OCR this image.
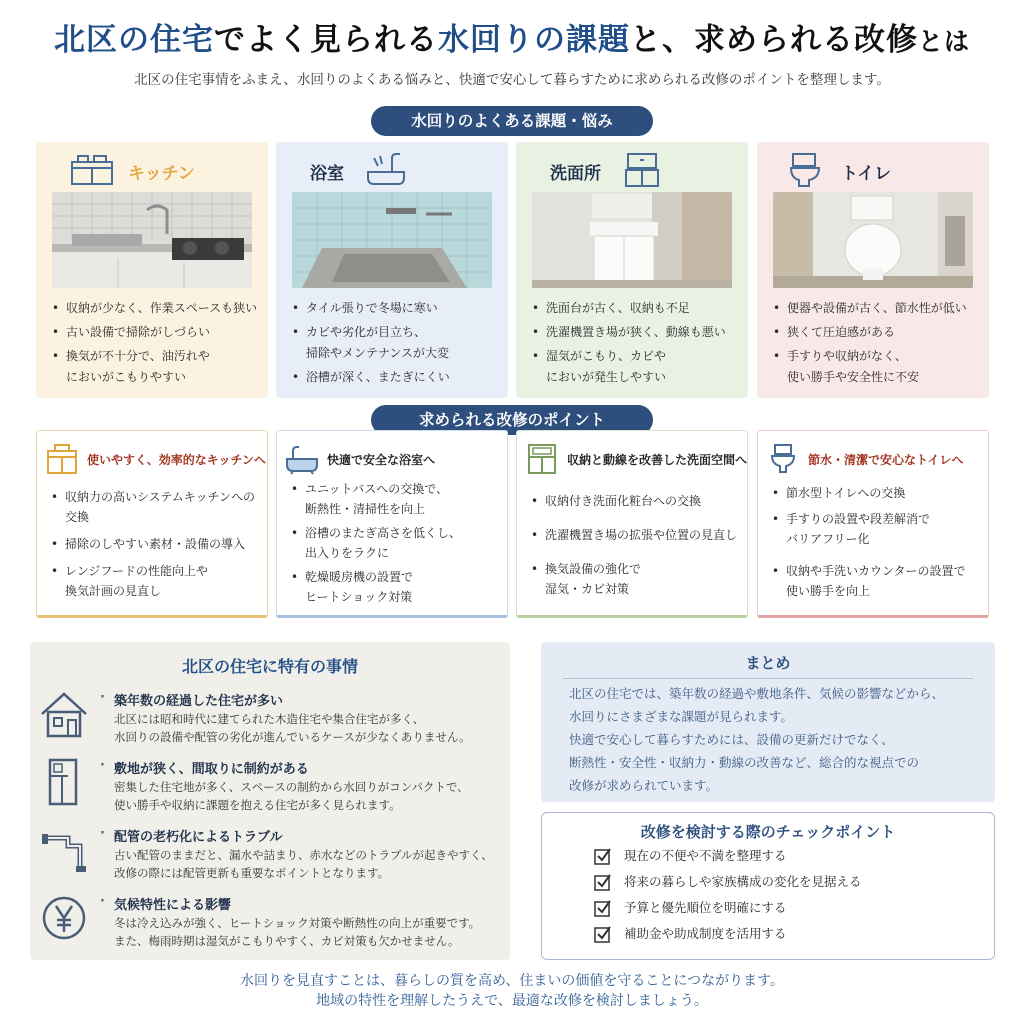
北区の住宅でよく見られる水回りの課題と、求められる改修とは
北区の住宅事情をふまえ、水回りのよくある悩みと、快適で安心して暮らすために求められる改修のポイントを整理します。
水回りのよくある課題・悩み
キッチン
• 収納が少なく、作業スペースも狭い
• 古い設備で掃除がしづらい
• 換気が不十分で、油汚れや
においがこもりやすい
浴室
• タイル張りで冬場に寒い
• カビや劣化が目立ち、
掃除やメンテナンスが大変
• 浴槽が深く、またぎにくい
洗面所
• 洗面台が古く、収納も不足
• 洗濯機置き場が狭く、動線も悪い
• 湿気がこもり、カビや
においが発生しやすい
トイレ
• 便器や設備が古く、節水性が低い
• 狭くて圧迫感がある
• 手すりや収納がなく、
使い勝手や安全性に不安
求められる改修のポイント
使いやすく、効率的なキッチンへ
• 収納力の高いシステムキッチンへの交換
• 掃除のしやすい素材・設備の導入
• レンジフードの性能向上や
換気計画の見直し
快適で安全な浴室へ
• ユニットバスへの交換で、
断熱性・清掃性を向上
• 浴槽のまたぎ高さを低くし、
出入りをラクに
• 乾燥暖房機の設置で
ヒートショック対策
収納と動線を改善した洗面空間へ
• 収納付き洗面化粧台への交換
• 洗濯機置き場の拡張や位置の見直し
• 換気設備の強化で
湿気・カビ対策
節水・清潔で安心なトイレへ
• 節水型トイレへの交換
• 手すりの設置や段差解消で
バリアフリー化
• 収納や手洗いカウンターの設置で
使い勝手を向上
北区の住宅に特有の事情
· 築年数の経過した住宅が多い
北区には昭和時代に建てられた木造住宅や集合住宅が多く、
水回りの設備や配管の劣化が進んでいるケースが少なくありません。
· 敷地が狭く、間取りに制約がある
密集した住宅地が多く、スペースの制約から水回りがコンパクトで、
使い勝手や収納に課題を抱える住宅が多く見られます。
· 配管の老朽化によるトラブル
古い配管のままだと、漏水や詰まり、赤水などのトラブルが起きやすく、
改修の際には配管更新も重要なポイントとなります。
· 気候特性による影響
冬は冷え込みが強く、ヒートショック対策や断熱性の向上が重要です。
また、梅雨時期は湿気がこもりやすく、カビ対策も欠かせません。
まとめ
北区の住宅では、築年数の経過や敷地条件、気候の影響などから、
水回りにさまざまな課題が見られます。
快適で安心して暮らすためには、設備の更新だけでなく、
断熱性・安全性・収納力・動線の改善など、総合的な視点での
改修が求められています。
改修を検討する際のチェックポイント
現在の不便や不満を整理する
将来の暮らしや家族構成の変化を見据える
予算と優先順位を明確にする
補助金や助成制度を活用する
水回りを見直すことは、暮らしの質を高め、住まいの価値を守ることにつながります。
地域の特性を理解したうえで、最適な改修を検討しましょう。
